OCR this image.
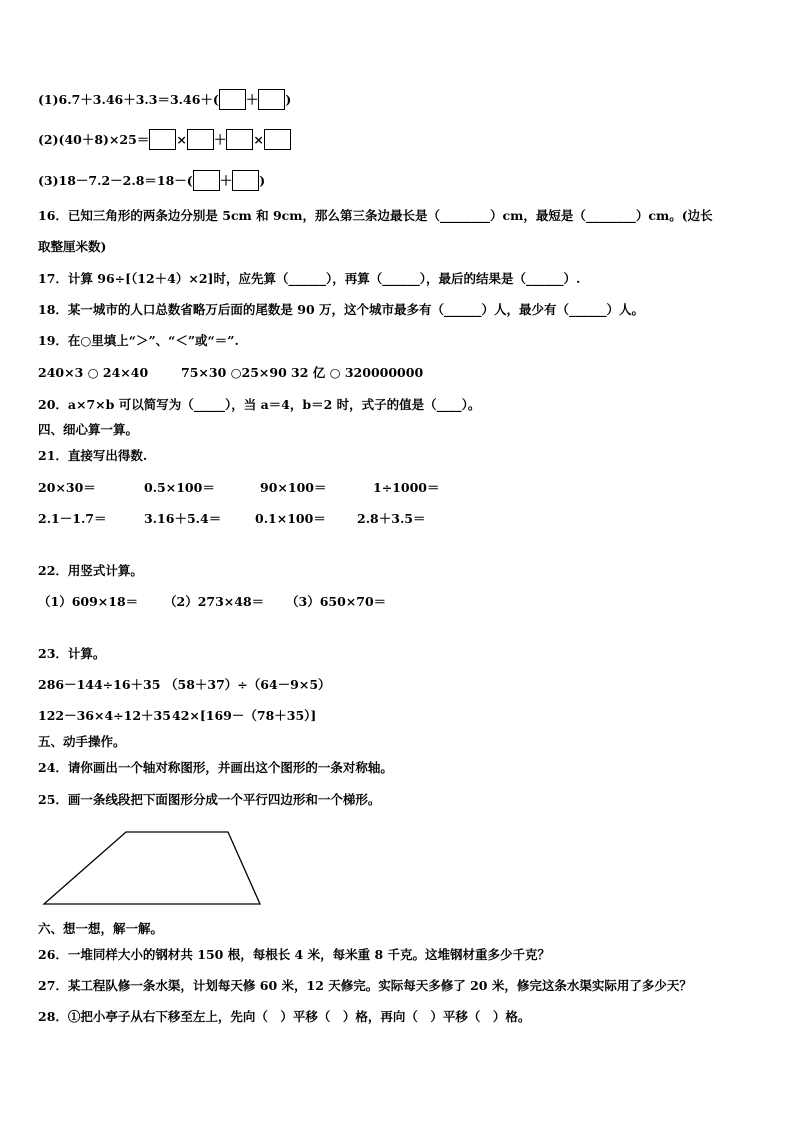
(1)6.7＋3.46＋3.3＝3.46＋( ＋ )
(2)(40＋8)×25＝ × ＋ ×
(3)18－7.2－2.8＝18－( ＋ )
16．已知三角形的两条边分别是 5cm 和 9cm，那么第三条边最长是（________）cm，最短是（________）cm。(边长
取整厘米数)
17．计算 96÷[（12＋4）×2]时，应先算（______），再算（______），最后的结果是（______）.
18．某一城市的人口总数省略万后面的尾数是 90 万，这个城市最多有（______）人，最少有（______）人。
19．在○里填上“＞”、“＜”或“＝”.
240×3 ○ 24×40	75×30 ○25×90 32 亿 ○ 320000000
20．a×7×b 可以简写为（_____），当 a＝4，b＝2 时，式子的值是（____）。
四、细心算一算。
21．直接写出得数.
20×30＝	0.5×100＝	90×100＝	1÷1000＝
2.1－1.7＝	3.16＋5.4＝	0.1×100＝ 2.8＋3.5＝
22．用竖式计算。
（1）609×18＝ （2）273×48＝ （3）650×70＝
23．计算。
286－144÷16＋35 （58＋37）÷（64－9×5）
122－36×4÷12＋35 42×[169－（78＋35）]
五、动手操作。
24．请你画出一个轴对称图形，并画出这个图形的一条对称轴。
25．画一条线段把下面图形分成一个平行四边形和一个梯形。
六、想一想，解一解。
26．一堆同样大小的钢材共 150 根，每根长 4 米，每米重 8 千克。这堆钢材重多少千克？
27．某工程队修一条水渠，计划每天修 60 米，12 天修完。实际每天多修了 20 米，修完这条水渠实际用了多少天？
28．①把小亭子从右下移至左上，先向（　）平移（　）格，再向（　）平移（　）格。
